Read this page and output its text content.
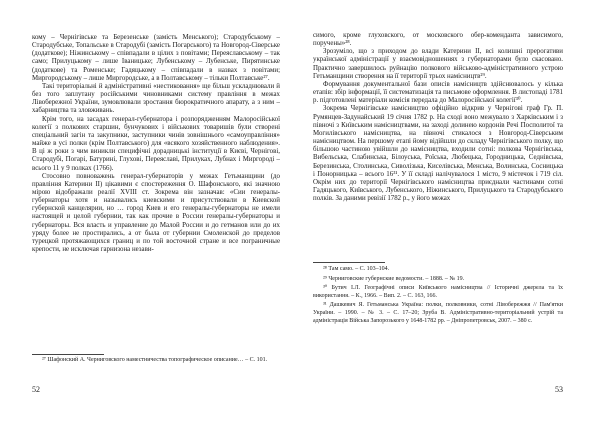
кому – Чернігівське та Березенське (замість Менського); Стародубському – Стародубське, Топальське в Стародубі (замість Погарського) та Новгород-Сіверське (додаткове); Ніжинському – співпадали в цілих з повітами; Переяславському – так само; Прилуцькому – лише Іваницьке; Лубенському – Лубенське, Пирятинське (додаткове) та Роменське; Гадяцькому – співпадали в назвах з повітами; Миргородському – лише Миргородське, а в Полтавському – тільки Полтавське²⁷.

Такі територіальні й адміністративні «нестиковання» ще більш ускладнювали й без того заплутану російськими чиновниками систему правління в межах Лівобережної України, зумовлювали зростання бюрократичного апарату, а з ним – хабарництва та зловживань.

Крім того, на засадах генерал-губернатора і розпорядженням Малоросійської колегії з полкових старшин, бунчукових і військових товаришів були створені спеціальний загін та закупники, заступники чинів зовнішнього «самоуправління» майже в усі полки (крім Полтавського) для «всякого хозяйственного наблюдения». В ці ж роки з чим виникли специфічні дорадницькі інституції в Києві, Чернігові, Стародубі, Погарі, Батурині, Глухові, Переяславі, Прилуках, Лубнах і Миргороді – всього 11 у 9 полках (1766).

Стосовно повноважень генерал-губернаторів у межах Гетьманщини (до правління Катерини II) цікавими є спостереження О. Шафонського, які значною мірою відображали реалії XVIII ст. Зокрема він зазначав: «Сии генералы-губернаторы хотя и назывались киевскими и присутствовали в Киевской губернской канцелярии, но … город Киев и его генералы-губернаторы не имели настоящей и целой губернии, так как прочие в России генералы-губернаторы и губернаторы. Вся власть и управление до Малой России и до гетманов или до их уряду более не простирались, а от была от губернии Смоленской до пределов турецкой протяжающихся границ и по той восточной стране и все пограничные крепости, не исключая гарнизона незави-

²⁷ Шафонский А. Черниговского наместничества топографическое описание… – С. 101.

52

симого, кроме глуховского, от московского обер-коменданта зависимого, поручены»²⁸.

Зрозуміло, що з приходом до влади Катерини II, всі колишні прерогативи української адміністрації у взаємовідношеннях з губернаторами було скасовано. Практично завершилось руйнацію полкового військово-адміністративного устрою Гетьманщини створення на її території трьох намісництв²⁹.

Формування документальної бази описів намісництв здійснювалось у кілька етапів: збір інформації, її систематизація та письмове оформлення. В листопаді 1781 р. підготовлені матеріали комісія передала до Малоросійської колегії³⁰.

Зокрема Чернігівське намісництво офіційно відкрив у Чернігові граф Гр. П. Румянцев-Задунайський 19 січня 1782 р. На сході воно межувало з Харківським і з півночі з Київським намісництвами, на заході долинею кордонів Речі Посполитої та Могилівського намісництва, на півночі стикалося з Новгород-Сіверським намісництвом. На першому етапі йому відійшли до складу Чернігівського полку, що більшою частиною увійшли до намісництва, входили сотні: полкова Чернігівська, Вибельська, Слабинська, Білоуська, Роїська, Любецька, Городницька, Седнівська, Березинська, Столинська, Сиволізька, Киселівська, Менська, Волинська, Сосницька і Понорницька – всього 16³¹. У її складі налічувалося 1 місто, 9 містечок і 719 сіл. Окрім них до території Чернігівського намісництва приєднали частинами сотні Гадяцького, Київського, Лубенського, Ніжинського, Прилуцького та Стародубського полків. За даними ревізії 1782 р., у його межах

²⁸ Там само. – С. 103–104.

²⁹ Черниговские губернские ведомости. – 1888. – № 19.

³⁰ Бутич І.Л. Географічні описи Київського намісництва // Історичні джерела та їх використання. – К., 1966. – Вип. 2. – С. 163, 166.

³¹ Дашкевич Я. Гетьманська Україна: полки, полковники, сотні Лівобережжя // Пам'ятки України. – 1990. – № 3. – С. 17–20; Зруба В. Адміністративно-територіальний устрій та адміністрація Війська Запорозького у 1648-1782 рр. – Дніпропетровськ, 2007. – 380 с.

53
